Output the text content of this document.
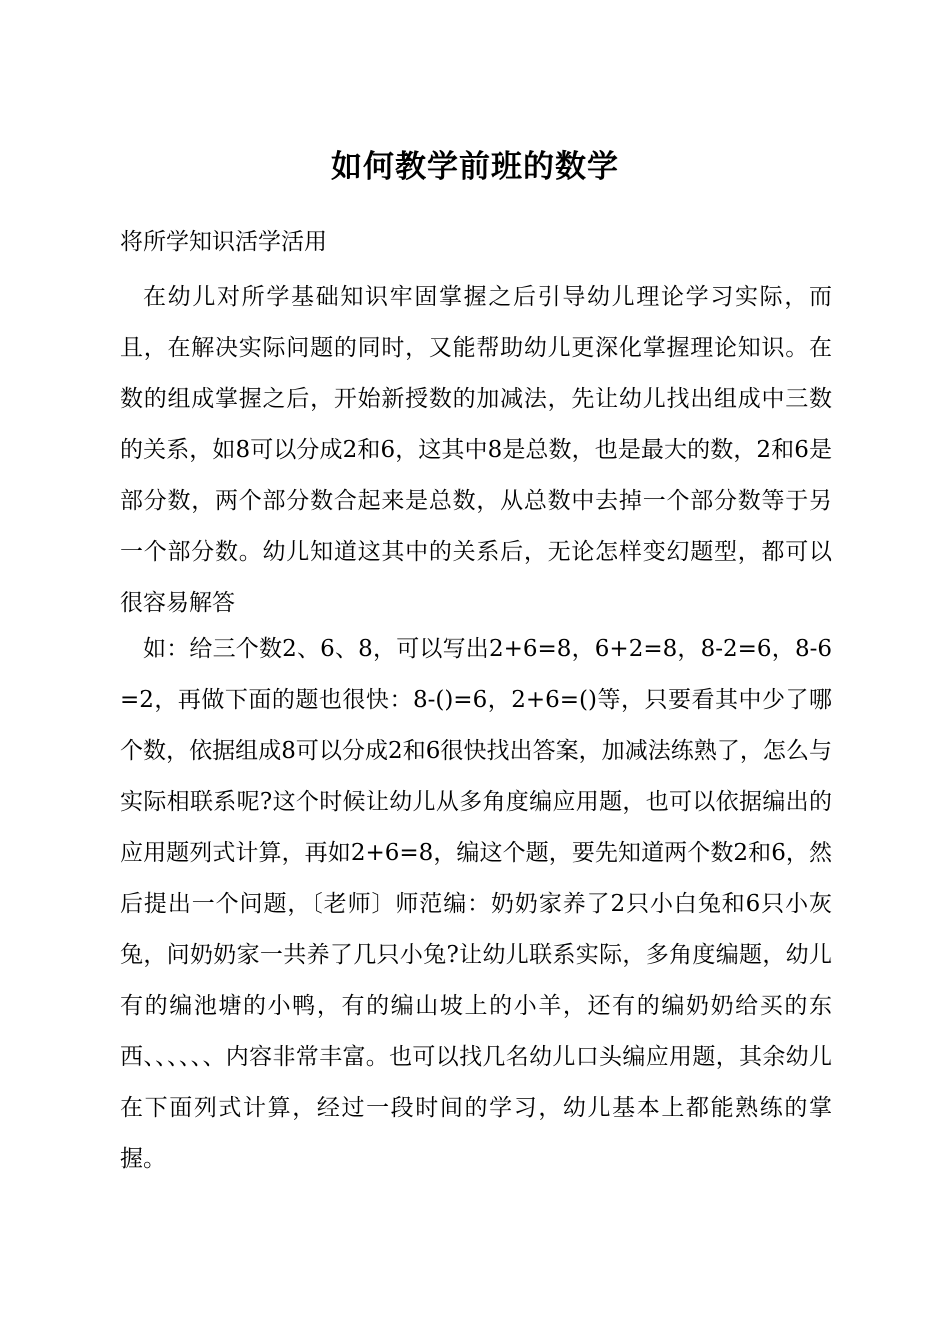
如何教学前班的数学

将所学知识活学活用

在幼儿对所学基础知识牢固掌握之后引导幼儿理论学习实际，而且，在解决实际问题的同时，又能帮助幼儿更深化掌握理论知识。在数的组成掌握之后，开始新授数的加减法，先让幼儿找出组成中三数的关系，如8可以分成2和6，这其中8是总数，也是最大的数，2和6是部分数，两个部分数合起来是总数，从总数中去掉一个部分数等于另一个部分数。幼儿知道这其中的关系后，无论怎样变幻题型，都可以很容易解答

如：给三个数2、6、8，可以写出2+6=8，6+2=8，8-2=6，8-6=2，再做下面的题也很快：8-()=6，2+6=()等，只要看其中少了哪个数，依据组成8可以分成2和6很快找出答案，加减法练熟了，怎么与实际相联系呢?这个时候让幼儿从多角度编应用题，也可以依据编出的应用题列式计算，再如2+6=8，编这个题，要先知道两个数2和6，然后提出一个问题，〔老师〕师范编：奶奶家养了2只小白兔和6只小灰兔，问奶奶家一共养了几只小兔?让幼儿联系实际，多角度编题，幼儿有的编池塘的小鸭，有的编山坡上的小羊，还有的编奶奶给买的东西、、、、、、内容非常丰富。也可以找几名幼儿口头编应用题，其余幼儿在下面列式计算，经过一段时间的学习，幼儿基本上都能熟练的掌握。
